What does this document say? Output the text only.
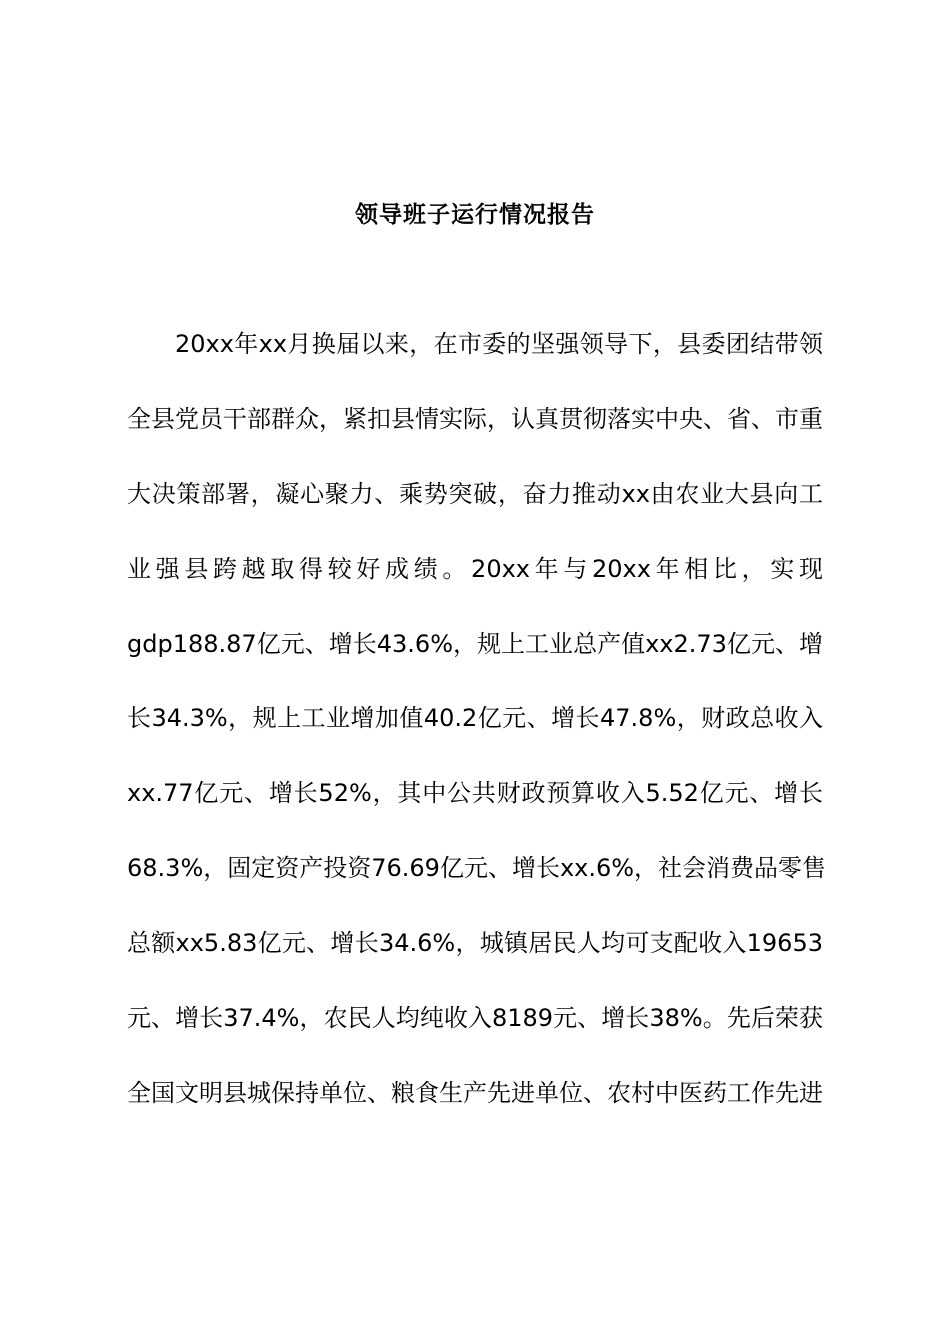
领导班子运行情况报告
20xx年xx月换届以来，在市委的坚强领导下，县委团结带领
全县党员干部群众，紧扣县情实际，认真贯彻落实中央、省、市重
大决策部署，凝心聚力、乘势突破，奋力推动xx由农业大县向工
业强县跨越取得较好成绩。20xx年与20xx年相比，实现
gdp188.87亿元、增长43.6%，规上工业总产值xx2.73亿元、增
长34.3%，规上工业增加值40.2亿元、增长47.8%，财政总收入
xx.77亿元、增长52%，其中公共财政预算收入5.52亿元、增长
68.3%，固定资产投资76.69亿元、增长xx.6%，社会消费品零售
总额xx5.83亿元、增长34.6%，城镇居民人均可支配收入19653
元、增长37.4%，农民人均纯收入8189元、增长38%。先后荣获
全国文明县城保持单位、粮食生产先进单位、农村中医药工作先进
